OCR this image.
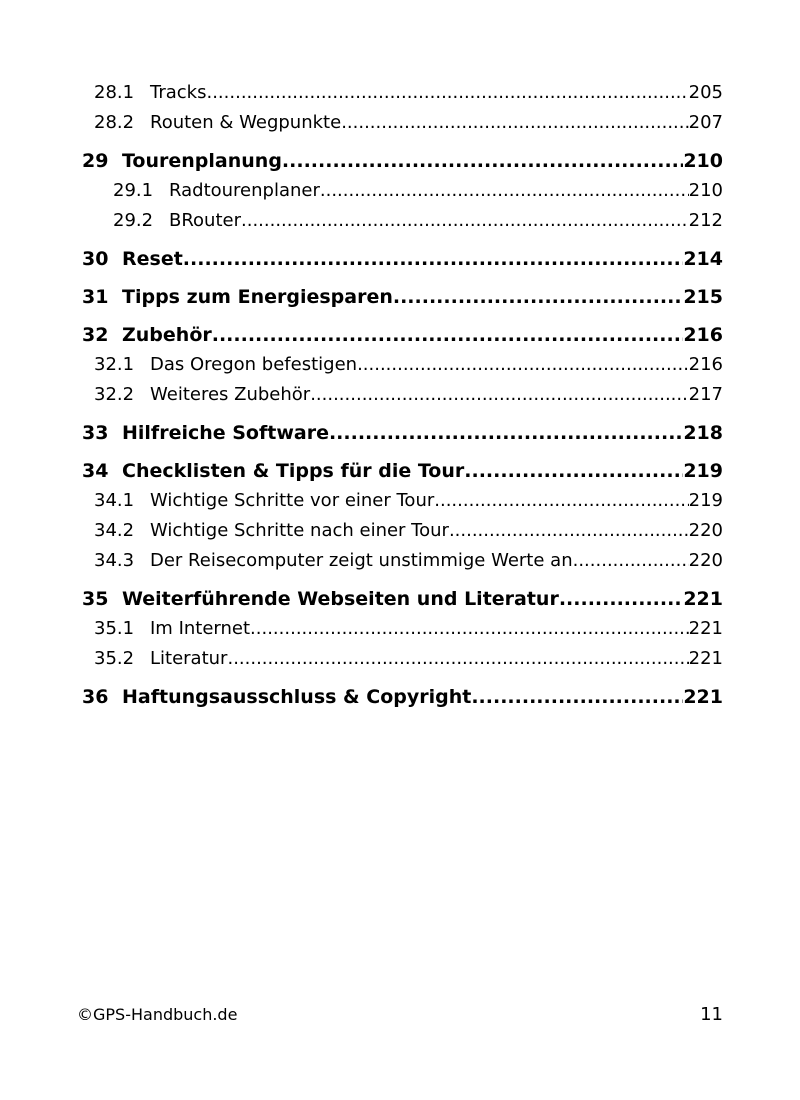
28.1 Tracks .....	205
28.2 Routen & Wegpunkte .....	207
29 Tourenplanung .....	210
29.1 Radtourenplaner .....	210
29.2 BRouter .....	212
30 Reset .....	214
31 Tipps zum Energiesparen .....	215
32 Zubehör .....	216
32.1 Das Oregon befestigen .....	216
32.2 Weiteres Zubehör .....	217
33 Hilfreiche Software .....	218
34 Checklisten & Tipps für die Tour .....	219
34.1 Wichtige Schritte vor einer Tour .....	219
34.2 Wichtige Schritte nach einer Tour .....	220
34.3 Der Reisecomputer zeigt unstimmige Werte an .....	220
35 Weiterführende Webseiten und Literatur .....	221
35.1 Im Internet .....	221
35.2 Literatur .....	221
36 Haftungsausschluss & Copyright .....	221
©GPS-Handbuch.de	11
